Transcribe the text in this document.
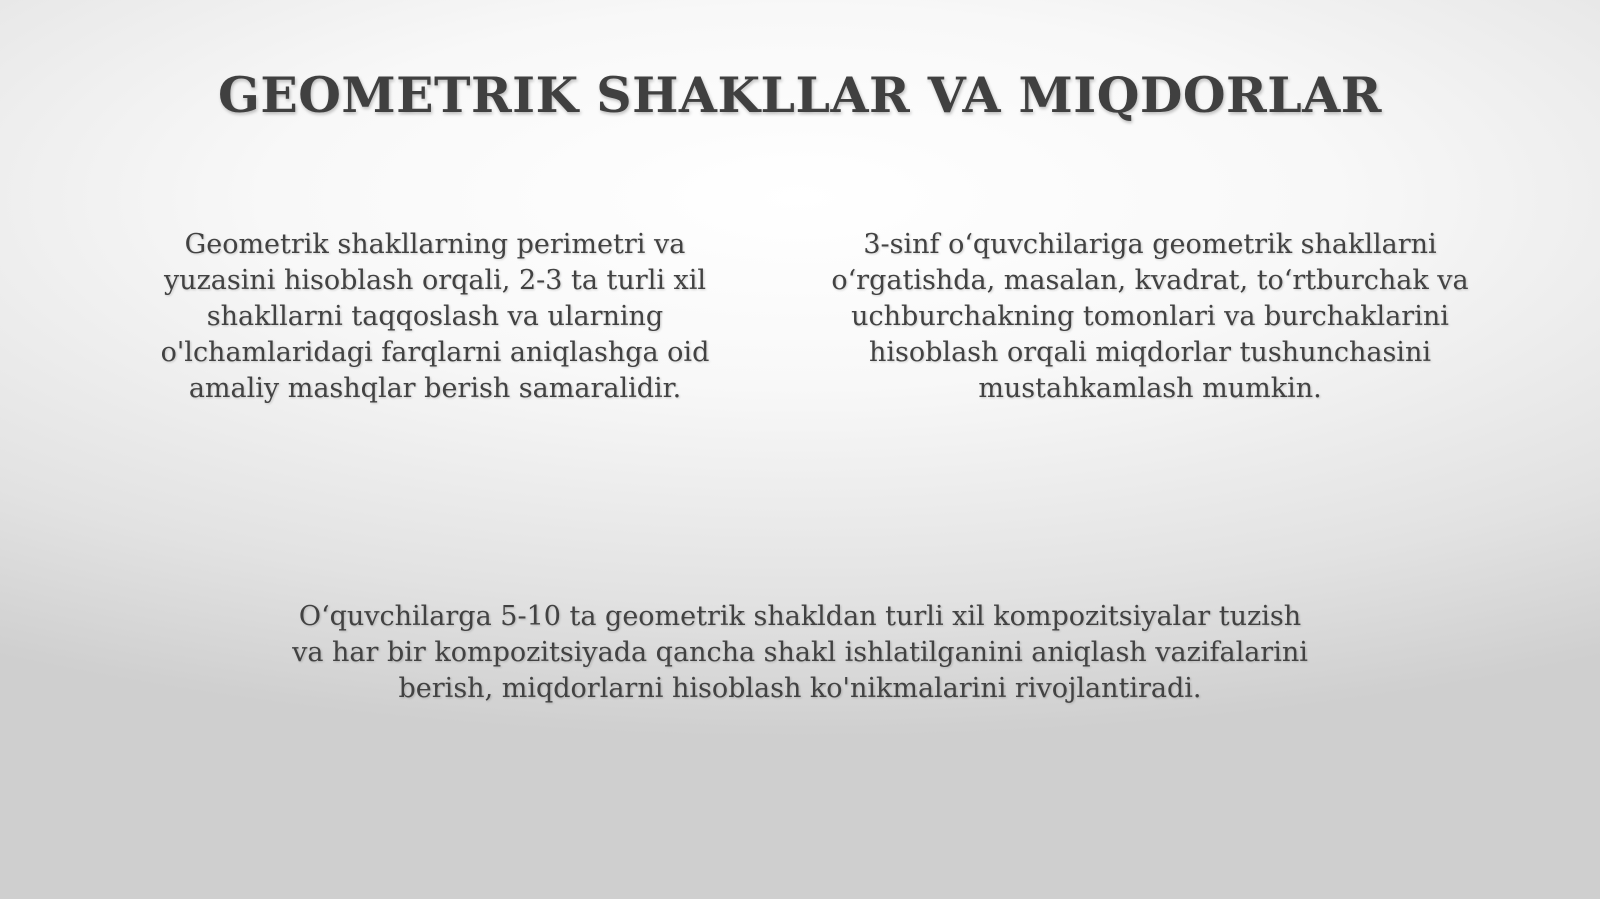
GEOMETRIK SHAKLLAR VA MIQDORLAR

Geometrik shakllarning perimetri va yuzasini hisoblash orqali, 2-3 ta turli xil shakllarni taqqoslash va ularning o'lchamlaridagi farqlarni aniqlashga oid amaliy mashqlar berish samaralidir.

3-sinf o‘quvchilariga geometrik shakllarni o‘rgatishda, masalan, kvadrat, to‘rtburchak va uchburchakning tomonlari va burchaklarini hisoblash orqali miqdorlar tushunchasini mustahkamlash mumkin.

O‘quvchilarga 5-10 ta geometrik shakldan turli xil kompozitsiyalar tuzish va har bir kompozitsiyada qancha shakl ishlatilganini aniqlash vazifalarini berish, miqdorlarni hisoblash ko'nikmalarini rivojlantiradi.
